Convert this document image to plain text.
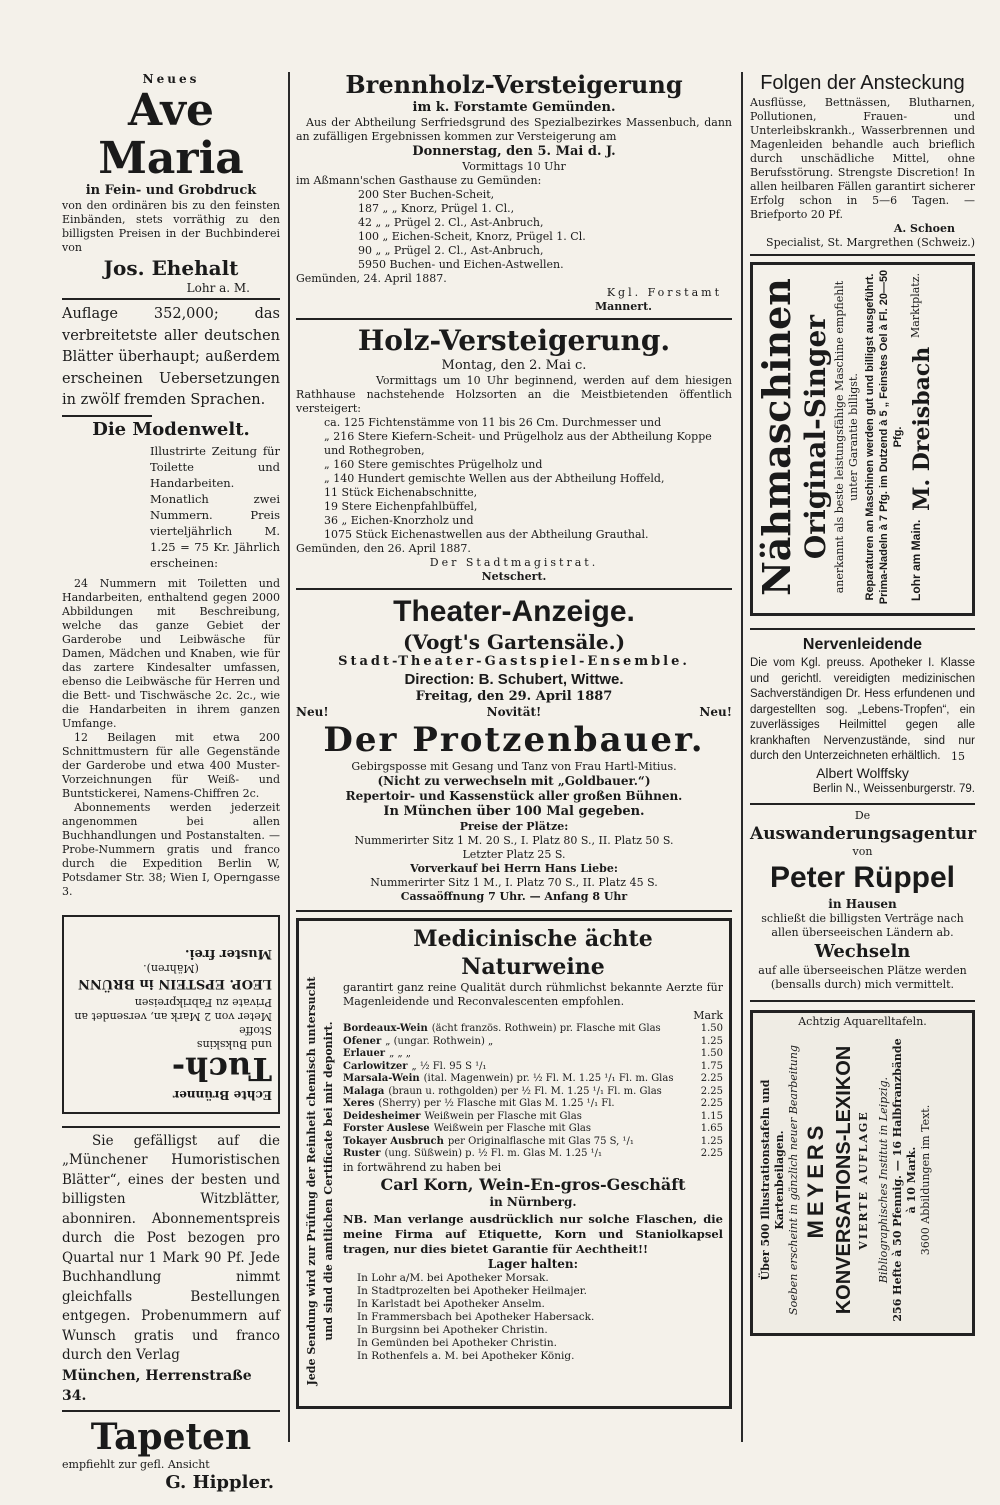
Neues

Ave Maria

in Fein- und Grobdruck

von den ordinären bis zu den feinsten Einbänden, stets vorräthig zu den billigsten Preisen in der Buchbinderei von

Jos. Ehehalt

Lohr a. M.

Auflage 352,000; das verbreitetste aller deutschen Blätter überhaupt; außerdem erscheinen Uebersetzungen in zwölf fremden Sprachen.

Die Modenwelt.

Illustrirte Zeitung für Toilette und Handarbeiten. Monatlich zwei Nummern. Preis vierteljährlich M. 1.25 = 75 Kr. Jährlich erscheinen:

24 Nummern mit Toiletten und Handarbeiten, enthaltend gegen 2000 Abbildungen mit Beschreibung, welche das ganze Gebiet der Garderobe und Leibwäsche für Damen, Mädchen und Knaben, wie für das zartere Kindesalter umfassen, ebenso die Leibwäsche für Herren und die Bett- und Tischwäsche 2c. 2c., wie die Handarbeiten in ihrem ganzen Umfange.

12 Beilagen mit etwa 200 Schnittmustern für alle Gegenstände der Garderobe und etwa 400 Muster-Vorzeichnungen für Weiß- und Buntstickerei, Namens-Chiffren 2c.

Abonnements werden jederzeit angenommen bei allen Buchhandlungen und Postanstalten. — Probe-Nummern gratis und franco durch die Expedition Berlin W, Potsdamer Str. 38; Wien I, Operngasse 3.

Echte Brünner

Tuch-

und Bukskins

Stoffe

Meter von 2 Mark an, versendet an Private zu Fabrikpreisen

LEOP. EPSTEIN in BRÜNN

(Mähren).

Muster frei.

Sie gefälligst auf die „Münchener Humoristischen Blätter“, eines der besten und billigsten Witzblätter, abonniren. Abonnementspreis durch die Post bezogen pro Quartal nur 1 Mark 90 Pf. Jede Buchhandlung nimmt gleichfalls Bestellungen entgegen. Probenummern auf Wunsch gratis und franco durch den Verlag

München, Herrenstraße 34.

Tapeten

empfiehlt zur gefl. Ansicht

G. Hippler.

Brennholz-Versteigerung

im k. Forstamte Gemünden.

Aus der Abtheilung Serfriedsgrund des Spezialbezirkes Massenbuch, dann an zufälligen Ergebnissen kommen zur Versteigerung am

Donnerstag, den 5. Mai d. J.

Vormittags 10 Uhr

im Aßmann'schen Gasthause zu Gemünden:

200 Ster Buchen-Scheit,
187 „ „ Knorz, Prügel 1. Cl.,
42 „ „ Prügel 2. Cl., Ast-Anbruch,
100 „ Eichen-Scheit, Knorz, Prügel 1. Cl.
90 „ „ Prügel 2. Cl., Ast-Anbruch,
5950 Buchen- und Eichen-Astwellen.

Gemünden, 24. April 1887.

Kgl. Forstamt

Mannert.

Holz-Versteigerung.

Montag, den 2. Mai c.

Vormittags um 10 Uhr beginnend, werden auf dem hiesigen Rathhause nachstehende Holzsorten an die Meistbietenden öffentlich versteigert:

ca. 125 Fichtenstämme von 11 bis 26 Cm. Durchmesser und
„ 216 Stere Kiefern-Scheit- und Prügelholz aus der Abtheilung Koppe und Rothegroben,
„ 160 Stere gemischtes Prügelholz und
„ 140 Hundert gemischte Wellen aus der Abtheilung Hoffeld,
11 Stück Eichenabschnitte,
19 Stere Eichenpfahlbüffel,
36 „ Eichen-Knorzholz und
1075 Stück Eichenastwellen aus der Abtheilung Grauthal.

Gemünden, den 26. April 1887.

Der Stadtmagistrat.

Netschert.

Theater-Anzeige.

(Vogt's Gartensäle.)

Stadt-Theater-Gastspiel-Ensemble.

Direction: B. Schubert, Wittwe.

Freitag, den 29. April 1887

Neu!	Novität!	Neu!

Der Protzenbauer.

Gebirgsposse mit Gesang und Tanz von Frau Hartl-Mitius.

(Nicht zu verwechseln mit „Goldbauer.“)

Repertoir- und Kassenstück aller großen Bühnen.

In München über 100 Mal gegeben.

Preise der Plätze:

Nummerirter Sitz 1 M. 20 S., I. Platz 80 S., II. Platz 50 S.

Letzter Platz 25 S.

Vorverkauf bei Herrn Hans Liebe:

Nummerirter Sitz 1 M., I. Platz 70 S., II. Platz 45 S.

Cassaöffnung 7 Uhr. — Anfang 8 Uhr

Jede Sendung wird zur Prüfung der Reinheit chemisch untersucht und sind die amtlichen Certificate bei mir deponirt.

Medicinische ächte Naturweine

garantirt ganz reine Qualität durch rühmlichst bekannte Aerzte für Magenleidende und Reconvalescenten empfohlen.

Mark

Bordeaux-Wein (ächt französ. Rothwein) pr. Flasche mit Glas	1.50
Ofener „ (ungar. Rothwein) „	1.25
Erlauer „ „ „	1.50
Carlowitzer „ ½ Fl. 95 S ¹/₁	1.75
Marsala-Wein (ital. Magenwein) pr. ½ Fl. M. 1.25 ¹/₁ Fl. m. Glas	2.25
Malaga (braun u. rothgolden) per ½ Fl. M. 1.25 ¹/₁ Fl. m. Glas	2.25
Xeres (Sherry) per ½ Flasche mit Glas M. 1.25 ¹/₁ Fl.	2.25
Deidesheimer Weißwein per Flasche mit Glas	1.15
Forster Auslese Weißwein per Flasche mit Glas	1.65
Tokayer Ausbruch per Originalflasche mit Glas 75 S, ¹/₁	1.25
Ruster (ung. Süßwein) p. ½ Fl. m. Glas M. 1.25 ¹/₁	2.25

in fortwährend zu haben bei

Carl Korn, Wein-En-gros-Geschäft

in Nürnberg.

NB. Man verlange ausdrücklich nur solche Flaschen, die meine Firma auf Etiquette, Korn und Staniolkapsel tragen, nur dies bietet Garantie für Aechtheit!!

Lager halten:

In Lohr a/M. bei Apotheker Morsak.
In Stadtprozelten bei Apotheker Heilmajer.
In Karlstadt bei Apotheker Anselm.
In Frammersbach bei Apotheker Habersack.
In Burgsinn bei Apotheker Christin.
In Gemünden bei Apotheker Christin.
In Rothenfels a. M. bei Apotheker König.

Folgen der Ansteckung

Ausflüsse, Bettnässen, Blutharnen, Pollutionen, Frauen- und Unterleibskrankh., Wasserbrennen und Magenleiden behandle auch brieflich durch unschädliche Mittel, ohne Berufsstörung. Strengste Discretion! In allen heilbaren Fällen garantirt sicherer Erfolg schon in 5—6 Tagen. — Briefporto 20 Pf.

A. Schoen

Specialist, St. Margrethen (Schweiz.)

Nähmaschinen Original-Singer anerkannt als beste leistungsfähige Maschine empfiehlt unter Garantie billigst. Reparaturen an Maschinen werden gut und billigst ausgeführt. Prima-Nadeln à 7 Pfg. im Dutzend à 5 „ Feinstes Oel à Fl. 20—50 Pfg.

Lohr am Main.
M. Dreisbach
Marktplatz.

Nervenleidende

Die vom Kgl. preuss. Apotheker I. Klasse und gerichtl. vereidigten medizinischen Sachverständigen Dr. Hess erfundenen und dargestellten sog. „Lebens-Tropfen“, ein zuverlässiges Heilmittel gegen alle krankhaften Nervenzustände, sind nur durch den Unterzeichneten erhältlich. 15

Albert Wolffsky

Berlin N., Weissenburgerstr. 79.

De

Auswanderungsagentur

von

Peter Rüppel

in Hausen

schließt die billigsten Verträge nach allen überseeischen Ländern ab.

Wechseln

auf alle überseeischen Plätze werden (bensalls durch) mich vermittelt.

Achtzig Aquarelltafeln.

Über 500 Illustrationstafeln und Kartenbeilagen. Soeben erscheint in gänzlich neuer Bearbeitung MEYERS KONVERSATIONS-LEXIKON VIERTE AUFLAGE Bibliographisches Institut in Leipzig. 256 Hefte à 50 Pfennig. — 16 Halbfranzbände à 10 Mark. 3600 Abbildungen im Text.
